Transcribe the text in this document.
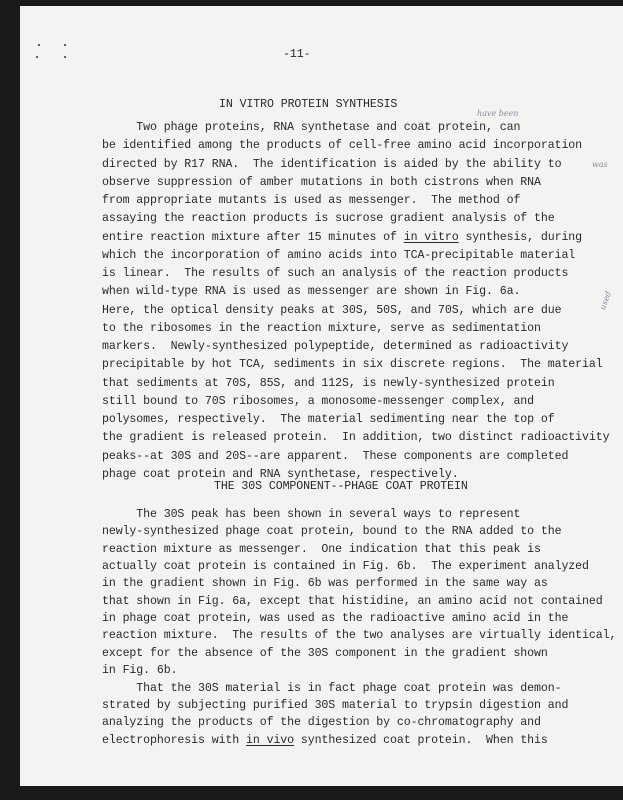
-11-
IN VITRO PROTEIN SYNTHESIS
Two phage proteins, RNA synthetase and coat protein, can
be identified among the products of cell-free amino acid incorporation
directed by R17 RNA.  The identification is aided by the ability to
observe suppression of amber mutations in both cistrons when RNA
from appropriate mutants is used as messenger.  The method of
assaying the reaction products is sucrose gradient analysis of the
entire reaction mixture after 15 minutes of in vitro synthesis, during
which the incorporation of amino acids into TCA-precipitable material
is linear.  The results of such an analysis of the reaction products
when wild-type RNA is used as messenger are shown in Fig. 6a.
Here, the optical density peaks at 30S, 50S, and 70S, which are due
to the ribosomes in the reaction mixture, serve as sedimentation
markers.  Newly-synthesized polypeptide, determined as radioactivity
precipitable by hot TCA, sediments in six discrete regions.  The material
that sediments at 70S, 85S, and 112S, is newly-synthesized protein
still bound to 70S ribosomes, a monosome-messenger complex, and
polysomes, respectively.  The material sedimenting near the top of
the gradient is released protein.  In addition, two distinct radioactivity
peaks--at 30S and 20S--are apparent.  These components are completed
phage coat protein and RNA synthetase, respectively.
THE 30S COMPONENT--PHAGE COAT PROTEIN
The 30S peak has been shown in several ways to represent
newly-synthesized phage coat protein, bound to the RNA added to the
reaction mixture as messenger.  One indication that this peak is
actually coat protein is contained in Fig. 6b.  The experiment analyzed
in the gradient shown in Fig. 6b was performed in the same way as
that shown in Fig. 6a, except that histidine, an amino acid not contained
in phage coat protein, was used as the radioactive amino acid in the
reaction mixture.  The results of the two analyses are virtually identical,
except for the absence of the 30S component in the gradient shown
in Fig. 6b.
That the 30S material is in fact phage coat protein was demon-
strated by subjecting purified 30S material to trypsin digestion and
analyzing the products of the digestion by co-chromatography and
electrophoresis with in vivo synthesized coat protein.  When this
have been
was
used
